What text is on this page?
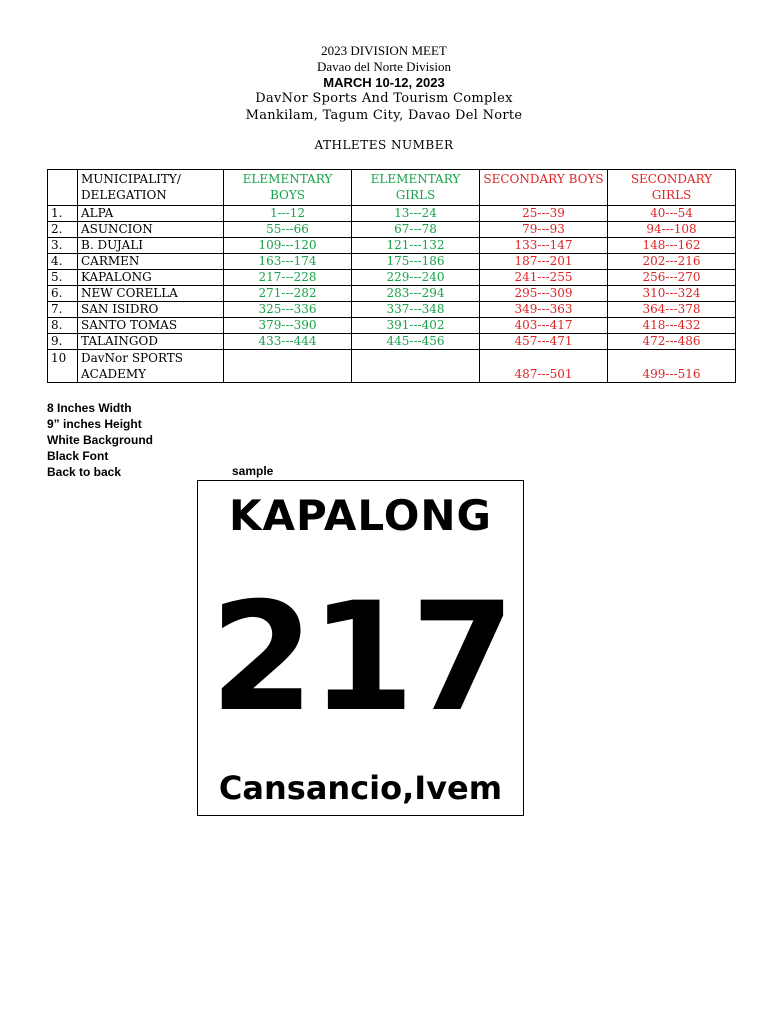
2023 DIVISION MEET
Davao del Norte Division
MARCH 10-12, 2023
DavNor Sports And Tourism Complex
Mankilam, Tagum City, Davao Del Norte
ATHLETES NUMBER
	MUNICIPALITY/ DELEGATION	ELEMENTARY BOYS	ELEMENTARY GIRLS	SECONDARY BOYS	SECONDARY GIRLS
1.	ALPA	1---12	13---24	25---39	40---54
2.	ASUNCION	55---66	67---78	79---93	94---108
3.	B. DUJALI	109---120	121---132	133---147	148---162
4.	CARMEN	163---174	175---186	187---201	202---216
5.	KAPALONG	217---228	229---240	241---255	256---270
6.	NEW CORELLA	271---282	283---294	295---309	310---324
7.	SAN ISIDRO	325---336	337---348	349---363	364---378
8.	SANTO TOMAS	379---390	391---402	403---417	418---432
9.	TALAINGOD	433---444	445---456	457---471	472---486
10	DavNor SPORTS ACADEMY			487---501	499---516
8 Inches Width
9” inches Height
White Background
Black Font
Back to back	sample
KAPALONG
217
Cansancio,Ivem
